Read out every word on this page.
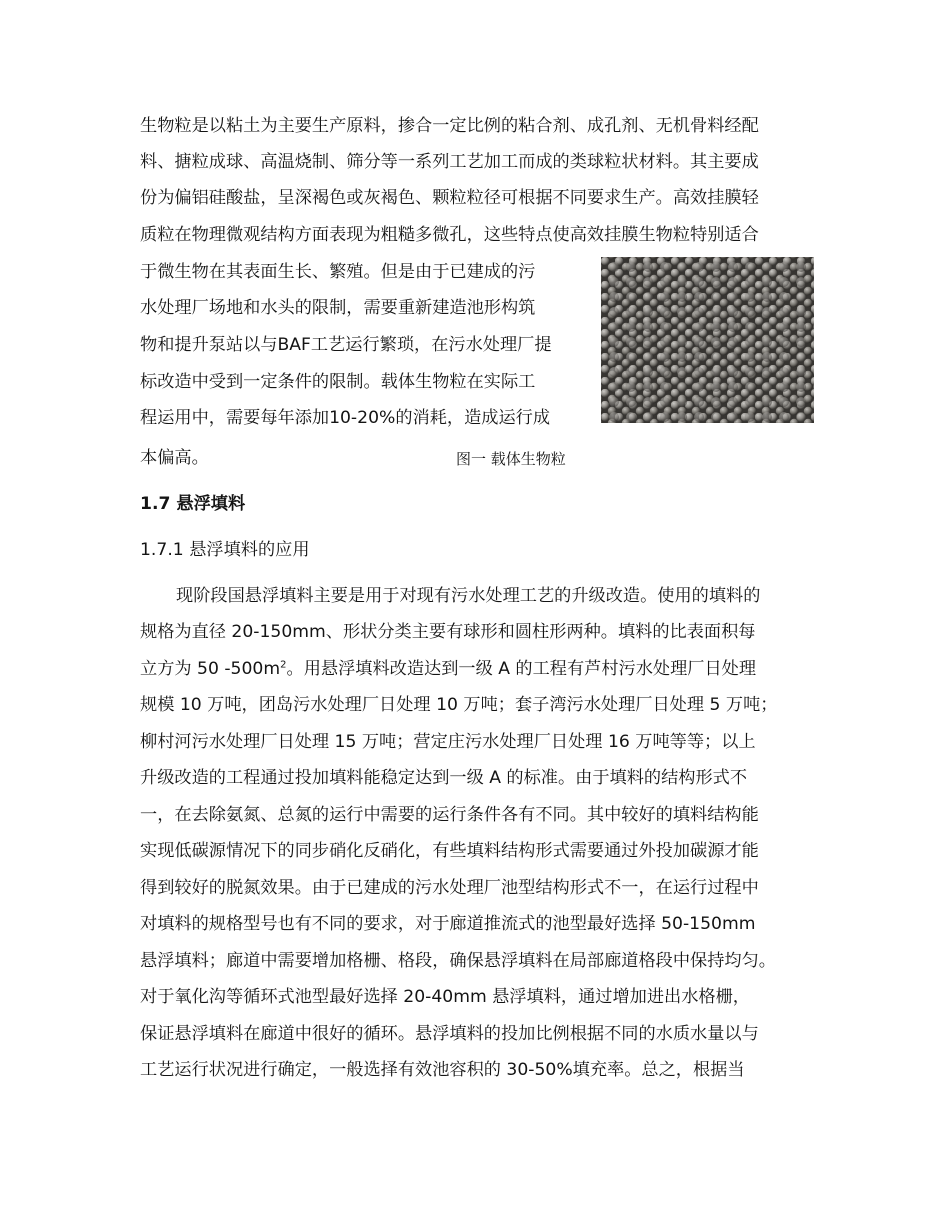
生物粒是以粘土为主要生产原料，掺合一定比例的粘合剂、成孔剂、无机骨料经配
料、搪粒成球、高温烧制、筛分等一系列工艺加工而成的类球粒状材料。其主要成
份为偏铝硅酸盐，呈深褐色或灰褐色、颗粒粒径可根据不同要求生产。高效挂膜轻
质粒在物理微观结构方面表现为粗糙多微孔，这些特点使高效挂膜生物粒特别适合
于微生物在其表面生长、繁殖。但是由于已建成的污
水处理厂场地和水头的限制，需要重新建造池形构筑
物和提升泵站以与BAF工艺运行繁琐，在污水处理厂提
标改造中受到一定条件的限制。载体生物粒在实际工
程运用中，需要每年添加10-20%的消耗，造成运行成
本偏高。	图一 载体生物粒
1.7 悬浮填料
1.7.1 悬浮填料的应用
现阶段国悬浮填料主要是用于对现有污水处理工艺的升级改造。使用的填料的
规格为直径 20-150mm、形状分类主要有球形和圆柱形两种。填料的比表面积每
立方为 50 $-500m^2$。用悬浮填料改造达到一级 A 的工程有芦村污水处理厂日处理
规模 10 万吨，团岛污水处理厂日处理 10 万吨；套子湾污水处理厂日处理 5 万吨；
柳村河污水处理厂日处理 15 万吨；营定庄污水处理厂日处理 16 万吨等等；以上
升级改造的工程通过投加填料能稳定达到一级 A 的标准。由于填料的结构形式不
一，在去除氨氮、总氮的运行中需要的运行条件各有不同。其中较好的填料结构能
实现低碳源情况下的同步硝化反硝化，有些填料结构形式需要通过外投加碳源才能
得到较好的脱氮效果。由于已建成的污水处理厂池型结构形式不一，在运行过程中
对填料的规格型号也有不同的要求，对于廊道推流式的池型最好选择 50-150mm
悬浮填料；廊道中需要增加格栅、格段，确保悬浮填料在局部廊道格段中保持均匀。
对于氧化沟等循环式池型最好选择 20-40mm 悬浮填料，通过增加进出水格栅，
保证悬浮填料在廊道中很好的循环。悬浮填料的投加比例根据不同的水质水量以与
工艺运行状况进行确定，一般选择有效池容积的 30-50%填充率。总之，根据当
